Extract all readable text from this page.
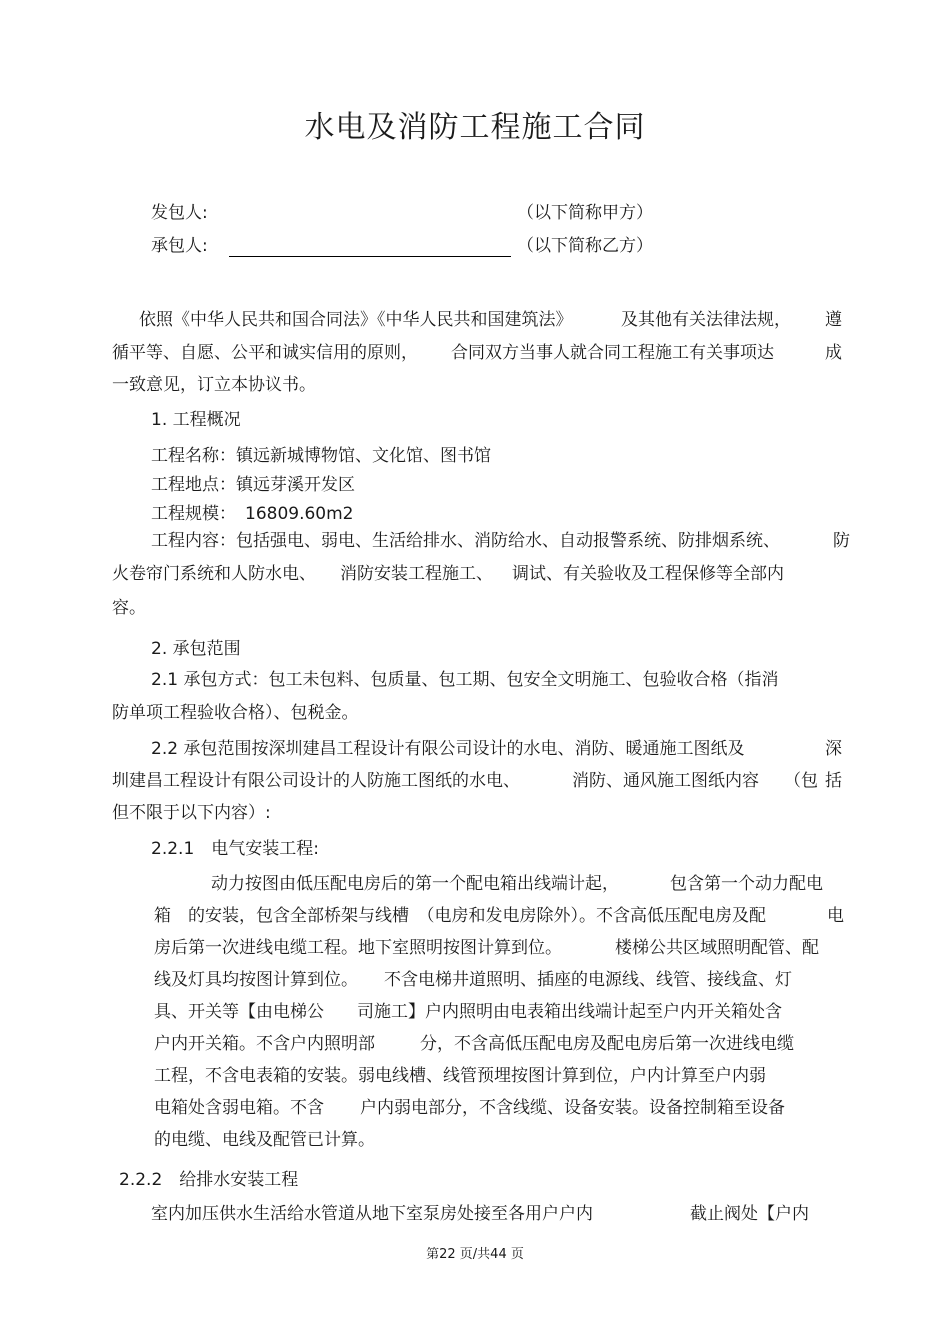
水电及消防工程施工合同
发包人:	（以下简称甲方）
承包人:	（以下简称乙方）
依照《中华人民共和国合同法》《中华人民共和国建筑法》	及其他有关法律法规， 遵
循平等、自愿、公平和诚实信用的原则， 合同双方当事人就合同工程施工有关事项达	成
一致意见，订立本协议书。
1. 工程概况
工程名称：镇远新城博物馆、文化馆、图书馆
工程地点：镇远芽溪开发区
工程规模： 16809.60m2
工程内容：包括强电、弱电、生活给排水、消防给水、自动报警系统、防排烟系统、	防
火卷帘门系统和人防水电、 消防安装工程施工、 调试、有关验收及工程保修等全部内
容。
2. 承包范围
2.1 承包方式：包工未包料、包质量、包工期、包安全文明施工、包验收合格（指消
防单项工程验收合格）、包税金。
2.2 承包范围按深圳建昌工程设计有限公司设计的水电、消防、暖通施工图纸及	深
圳建昌工程设计有限公司设计的人防施工图纸的水电、	消防、通风施工图纸内容 （包 括
但不限于以下内容）:
2.2.1　电气安装工程:
动力按图由低压配电房后的第一个配电箱出线端计起，	包含第一个动力配电
箱　的安装，包含全部桥架与线槽　（电房和发电房除外）。不含高低压配电房及配	电
房后第一次进线电缆工程。地下室照明按图计算到位。	楼梯公共区域照明配管、配
线及灯具均按图计算到位。 不含电梯井道照明、插座的电源线、线管、接线盒、灯
具、开关等【由电梯公 司施工】户内照明由电表箱出线端计起至户内开关箱处含
户内开关箱。不含户内照明部	分，不含高低压配电房及配电房后第一次进线电缆
工程，不含电表箱的安装。弱电线槽、线管预埋按图计算到位，户内计算至户内弱
电箱处含弱电箱。不含 户内弱电部分，不含线缆、设备安装。设备控制箱至设备
的电缆、电线及配管已计算。
2.2.2　给排水安装工程
室内加压供水生活给水管道从地下室泵房处接至各用户户内	截止阀处【户内
第22 页/共44 页
